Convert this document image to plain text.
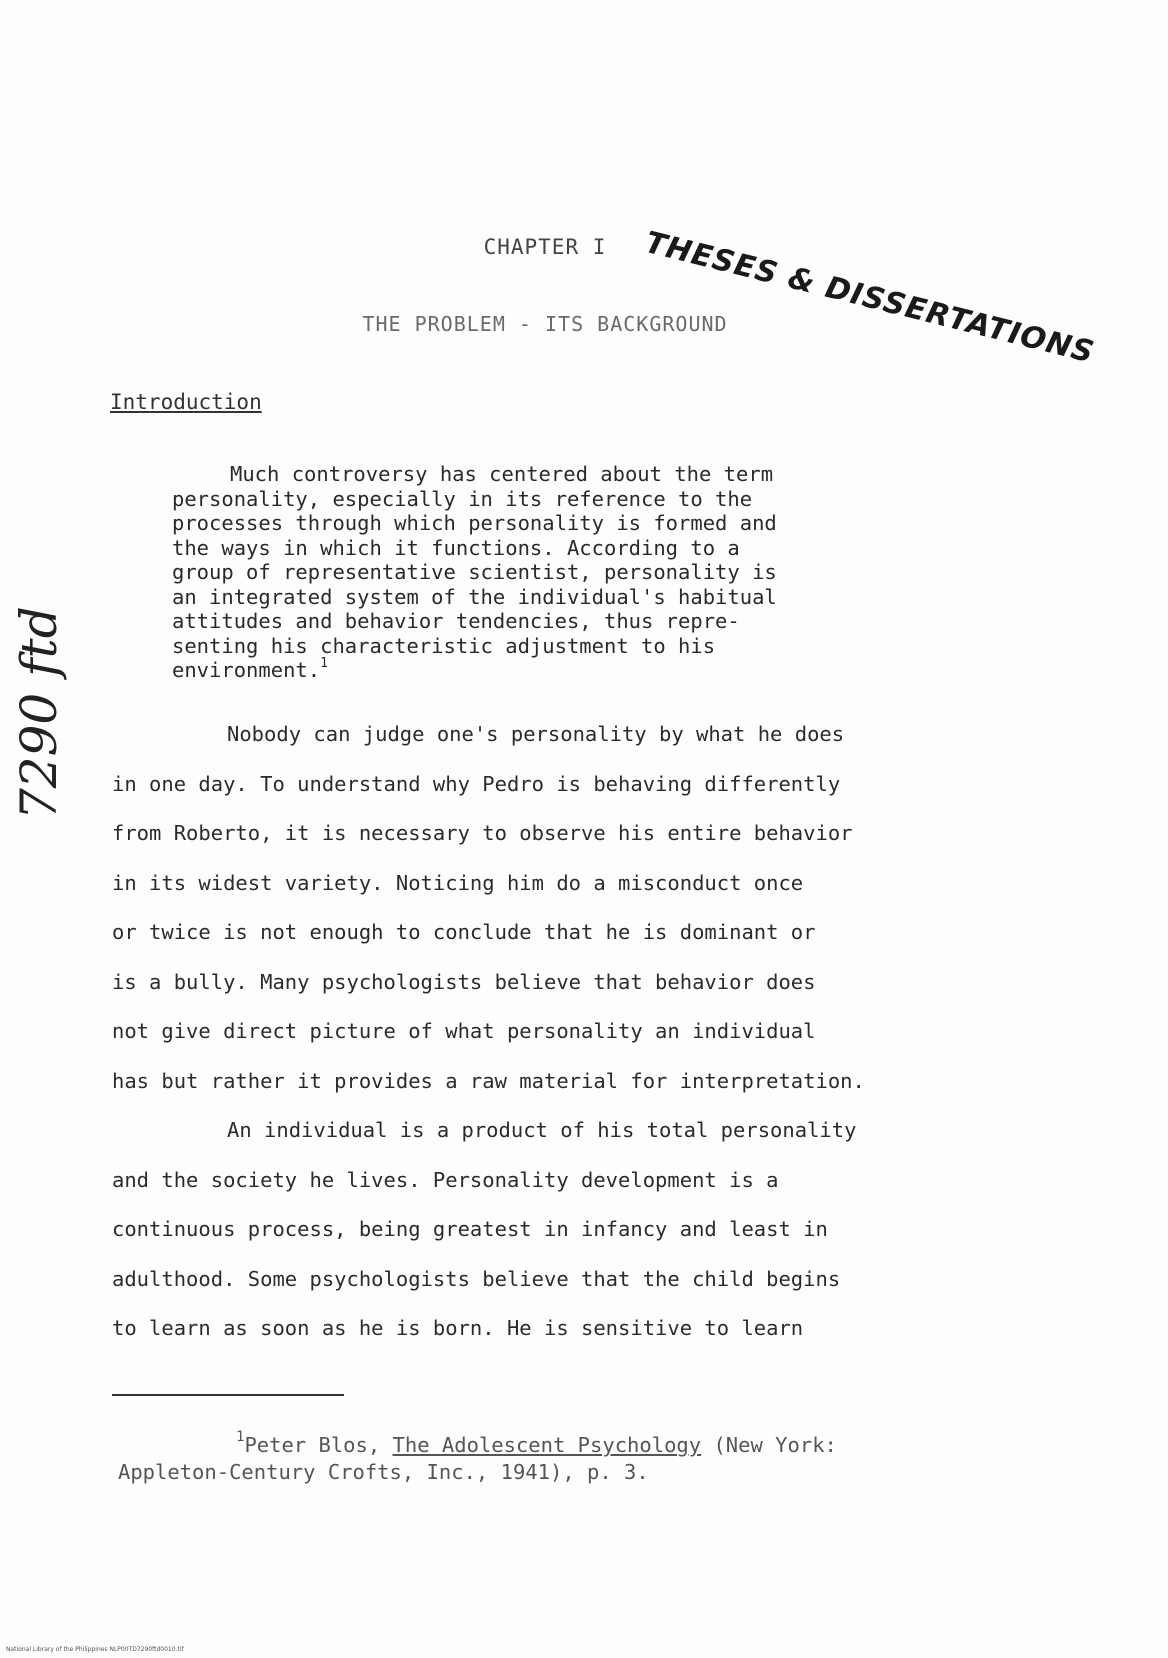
THESES & DISSERTATIONS
CHAPTER I
THE PROBLEM - ITS BACKGROUND
Introduction
Much controversy has centered about the term
personality, especially in its reference to the
processes through which personality is formed and
the ways in which it functions. According to a
group of representative scientist, personality is
an integrated system of the individual's habitual
attitudes and behavior tendencies, thus repre-
senting his characteristic adjustment to his
environment.$^1$
Nobody can judge one's personality by what he does
in one day. To understand why Pedro is behaving differently
from Roberto, it is necessary to observe his entire behavior
in its widest variety. Noticing him do a misconduct once
or twice is not enough to conclude that he is dominant or
is a bully. Many psychologists believe that behavior does
not give direct picture of what personality an individual
has but rather it provides a raw material for interpretation.
An individual is a product of his total personality
and the society he lives. Personality development is a
continuous process, being greatest in infancy and least in
adulthood. Some psychologists believe that the child begins
to learn as soon as he is born. He is sensitive to learn
$^1$Peter Blos, The Adolescent Psychology (New York:
Appleton-Century Crofts, Inc., 1941), p. 3.
7290 ftd
National Library of the Philippines NLP00TD7290ftd0010.tif
